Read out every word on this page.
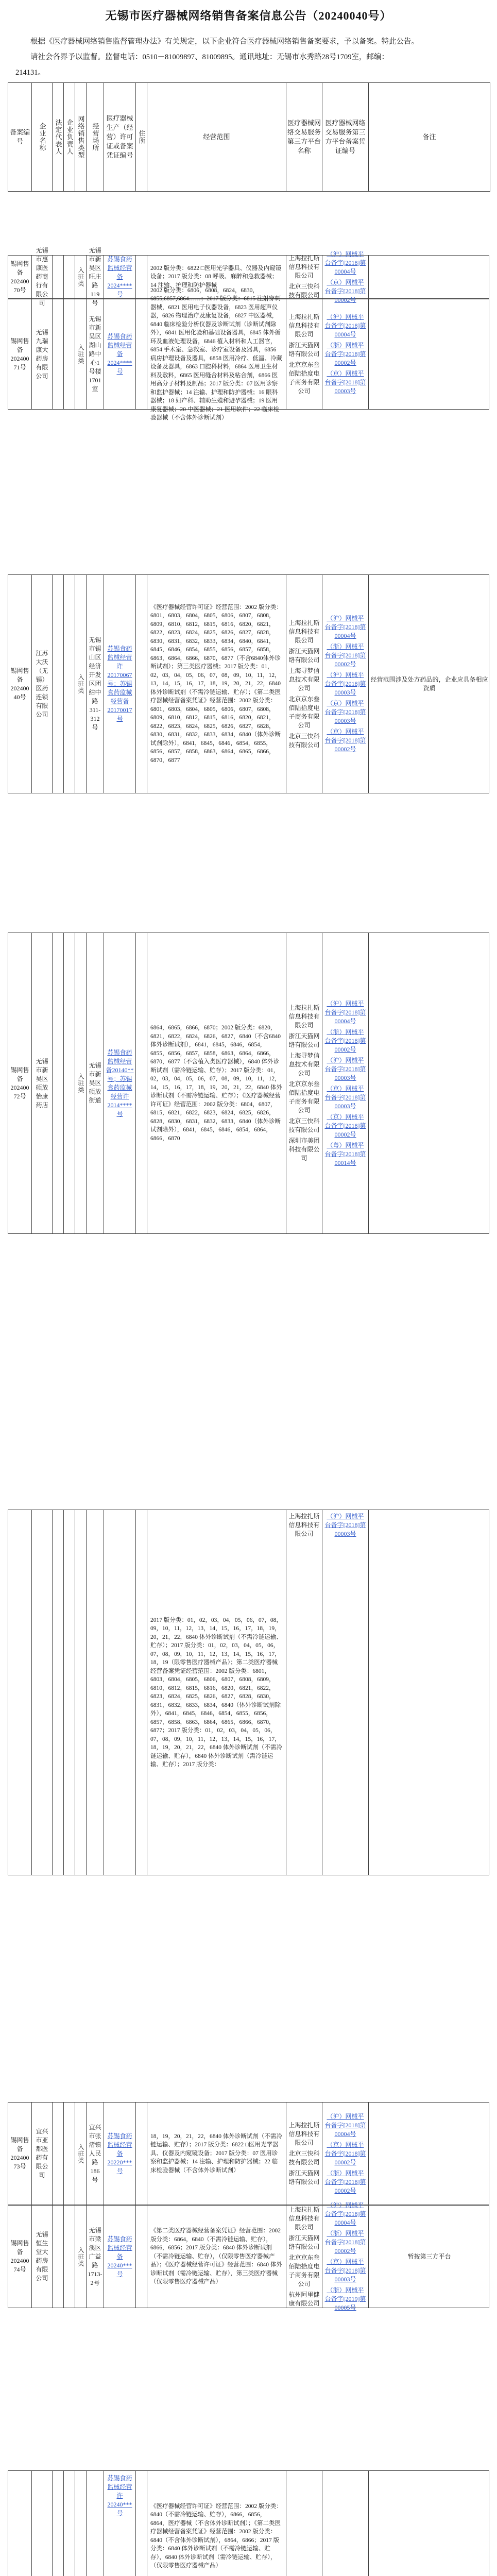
无锡市医疗器械网络销售备案信息公告（20240040号）

根据《医疗器械网络销售监督管理办法》有关规定，以下企业符合医疗器械网络销售备案要求，予以备案。特此公告。

请社会各界予以监督。监督电话：0510－81009897、81009895。通讯地址：无锡市水秀路28号1709室，邮编：

214131。

备案编号	企业名称 法定代表人 企业负责人 网络销售类型 经营场所
医疗器械生产（经营）许可证或备案凭证编号
住所	经营范围
医疗器械网络交易服务第三方平台名称
医疗器械网络交易服务第三方平台备案凭证编号
备注
锡网售备202400 70号
无锡市惠康医药商行有限公司
入驻类
无锡市新吴区旺庄路119号
苏锡食药监械经营备2024****号
2002 版分类：6822 □医用光学器具、仪器及内窥镜设备；2017 版分类：08 呼吸、麻醉和急救器械；14 注输、护理和防护器械
上海拉扎斯信息科技有限公司
北京三快科技有限公司
（沪）网械平台备字[2018]第00004号
（京）网械平台备字[2018]第00002号
锡网售备202400 71号
无锡九瑞康大药房有限公司
入驻类
无锡市新吴区湖山路中心1号楼1701室
苏锡食药监械经营备2024****号
2002 版分类：6806，6808，6824，6830，6855,6857,6864……；2017 版分类：6815 注射穿刺器械，6821 医用电子仪器设备，6823 医用超声仪器，6826 物理治疗及康复设备，6827 中医器械，6840 临床检验分析仪器及诊断试剂（诊断试剂除外），6841 医用化验和基础设备器具，6845 体外循环及血液处理设备，6846 植入材料和人工器官，6854 手术室、急救室、诊疗室设备及器具，6856 病房护理设备及器具，6858 医用冷疗、低温、冷藏设备及器具，6863 口腔科材料，6864 医用卫生材料及敷料，6865 医用缝合材料及粘合剂，6866 医用高分子材料及制品；2017 版分类：07 医用诊察和监护器械；14 注输、护理和防护器械；16 眼科器械；18 妇产科、辅助生殖和避孕器械；19 医用康复器械；20 中医器械；21 医用软件；22 临床检验器械（不含体外诊断试剂）
上海拉扎斯信息科技有限公司
浙江天猫网络有限公司
北京京东叁佰陆拾度电子商务有限公司
（沪）网械平台备字[2018]第00004号
（浙）网械平台备字[2018]第00002号
（京）网械平台备字[2018]第00003号
锡网售备202400 40号
江苏大沃（无锡）医药连锁有限公司
入驻类
无锡市锡山区经济开发区团结中路311-312号
苏锡食药监械经营许20170067号；苏锡食药监械经营备20170017号
《医疗器械经营许可证》经营范围：2002 版分类：6801，6803，6804，6805，6806，6807，6808，6809，6810，6812，6815，6816，6820，6821，6822，6823，6824，6825，6826，6827，6828，6830，6831，6832，6833，6834，6840，6841，6845，6846，6854，6855，6856，6857，6858，6863，6864，6866，6870，6877（不含6840体外诊断试剂）；第三类医疗器械；2017 版分类：01，02，03，04，05，06，07，08，09，10，11，12，13，14，15，16，17，18，19，20，21，22，6840 体外诊断试剂（不需冷链运输、贮存）；《第二类医疗器械经营备案凭证》经营范围：2002 版分类：6801，6803，6804，6805，6806，6807，6808，6809，6810，6812，6815，6816，6820，6821，6822，6823，6824，6825，6826，6827，6828，6830，6831，6832，6833，6834，6840（体外诊断试剂除外），6841，6845，6846，6854，6855，6856，6857，6858，6863，6864，6865，6866，6870，6877
上海拉扎斯信息科技有限公司
浙江天猫网络有限公司
上海寻梦信息技术有限公司
北京京东叁佰陆拾度电子商务有限公司
北京三快科技有限公司
（沪）网械平台备字[2018]第00004号
（浙）网械平台备字[2018]第00002号
（沪）网械平台备字[2018]第00003号
（京）网械平台备字[2018]第00003号
（京）网械平台备字[2018]第00002号
经营范围涉及处方药品的，企业应具备相应资质
锡网售备202400 72号
无锡市新吴区硕放怡康药店
入驻类
无锡市新吴区硕放街道
苏锡食药监械经营备20140**号；苏锡食药监械经营许2014****号
6864，6865，6866，6870；2002 版分类：6820，6821，6822，6824，6826，6827，6840（不含6840体外诊断试剂），6841，6845，6846，6854，6855，6856，6857，6858，6863，6864，6866，6870，6877（不含植入类医疗器械），6840 体外诊断试剂（需冷链运输、贮存）；2017 版分类：01，02，03，04，05，06，07，08，09，10，11，12，14，15，16，17，18，19，20，21，22，6840 体外诊断试剂（不需冷链运输、贮存）；《医疗器械经营许可证》经营范围：2002 版分类：6804，6807，6815，6821，6822，6823，6824，6825，6826，6828，6830，6831，6832，6833，6840（体外诊断试剂除外），6841，6845，6846，6854，6864，6866，6870
上海拉扎斯信息科技有限公司
浙江天猫网络有限公司
上海寻梦信息技术有限公司
北京京东叁佰陆拾度电子商务有限公司
北京三快科技有限公司
深圳市美团科技有限公司
（沪）网械平台备字[2018]第00004号
（浙）网械平台备字[2018]第00002号
（沪）网械平台备字[2018]第00003号
（京）网械平台备字[2018]第00003号
（京）网械平台备字[2018]第00002号
（粤）网械平台备字[2018]第00014号
2017 版分类：01，02，03，04，05，06，07，08，09，10，11，12，13，14，15，16，17，18，19，20，21，22，6840 体外诊断试剂（不需冷链运输、贮存）；2017 版分类：01，02，03，04，05，06，07，08，09，10，11，12，13，14，15，16，17，18，19（限零售医疗器械产品）；第二类医疗器械经营备案凭证经营范围：2002 版分类：6801，6803，6804，6805，6806，6807，6808，6809，6810，6812，6815，6816，6820，6821，6822，6823，6824，6825，6826，6827，6828，6830，6831，6832，6833，6834，6840（体外诊断试剂除外），6841，6845，6846，6854，6855，6856，6857，6858，6863，6864，6865，6866，6870，6877；2017 版分类：01，02，03，04，05，06，07，08，09，10，11，12，13，14，15，16，17，18，19，20，21，22，6840 体外诊断试剂（不需冷链运输、贮存），6840 体外诊断试剂（需冷链运输、贮存）；2017 版分类：
上海拉扎斯信息科技有限公司
（沪）网械平台备字[2018]第00003号
锡网售备202400 73号
宜兴市亚都医药有限公司
入驻类
宜兴市张渚镇人民路186号
苏锡食药监械经营备20220***号
18，19，20，21，22，6840 体外诊断试剂（不需冷链运输、贮存）；2017 版分类：6822 □医用光学器具、仪器及内窥镜设备；2017 版分类：07 医用诊察和监护器械；14 注输、护理和防护器械；22 临床检验器械（不含体外诊断试剂）
上海拉扎斯信息科技有限公司
北京三快科技有限公司
浙江天猫网络有限公司
（沪）网械平台备字[2018]第00004号
（京）网械平台备字[2018]第00002号
（浙）网械平台备字[2018]第00002号
锡网售备202400 74号
无锡恒生堂大药房有限公司
入驻类
无锡市梁溪区广益路1713-2号
苏锡食药监械经营备20240***号
《第二类医疗器械经营备案凭证》经营范围：2002 版分类：6864，6840（不需冷链运输、贮存），6866，6856；2017 版分类：6840 体外诊断试剂（不需冷链运输、贮存），（仅限零售医疗器械产品）；《医疗器械经营许可证》经营范围：6840 体外诊断试剂（需冷链运输、贮存），第三类医疗器械（仅限零售医疗器械产品）
上海拉扎斯信息科技有限公司
浙江天猫网络有限公司
北京京东叁佰陆拾度电子商务有限公司
杭州阿里健康有限公司
（沪）网械平台备字[2018]第00004号
（浙）网械平台备字[2018]第00002号
（京）网械平台备字[2018]第00003号
（浙）网械平台备字[2019]第00005号
暂按第三方平台
苏锡食药监械经营许20240***号
《医疗器械经营许可证》经营范围：2002 版分类：6840（不需冷链运输、贮存），6866，6856，6864，医疗器械（不含体外诊断试剂）；《第二类医疗器械经营备案凭证》经营范围：2002 版分类：6840（不含体外诊断试剂），6864，6866；2017 版分类：6840 体外诊断试剂（不需冷链运输、贮存），6840 体外诊断试剂（需冷链运输、贮存），（仅限零售医疗器械产品）
